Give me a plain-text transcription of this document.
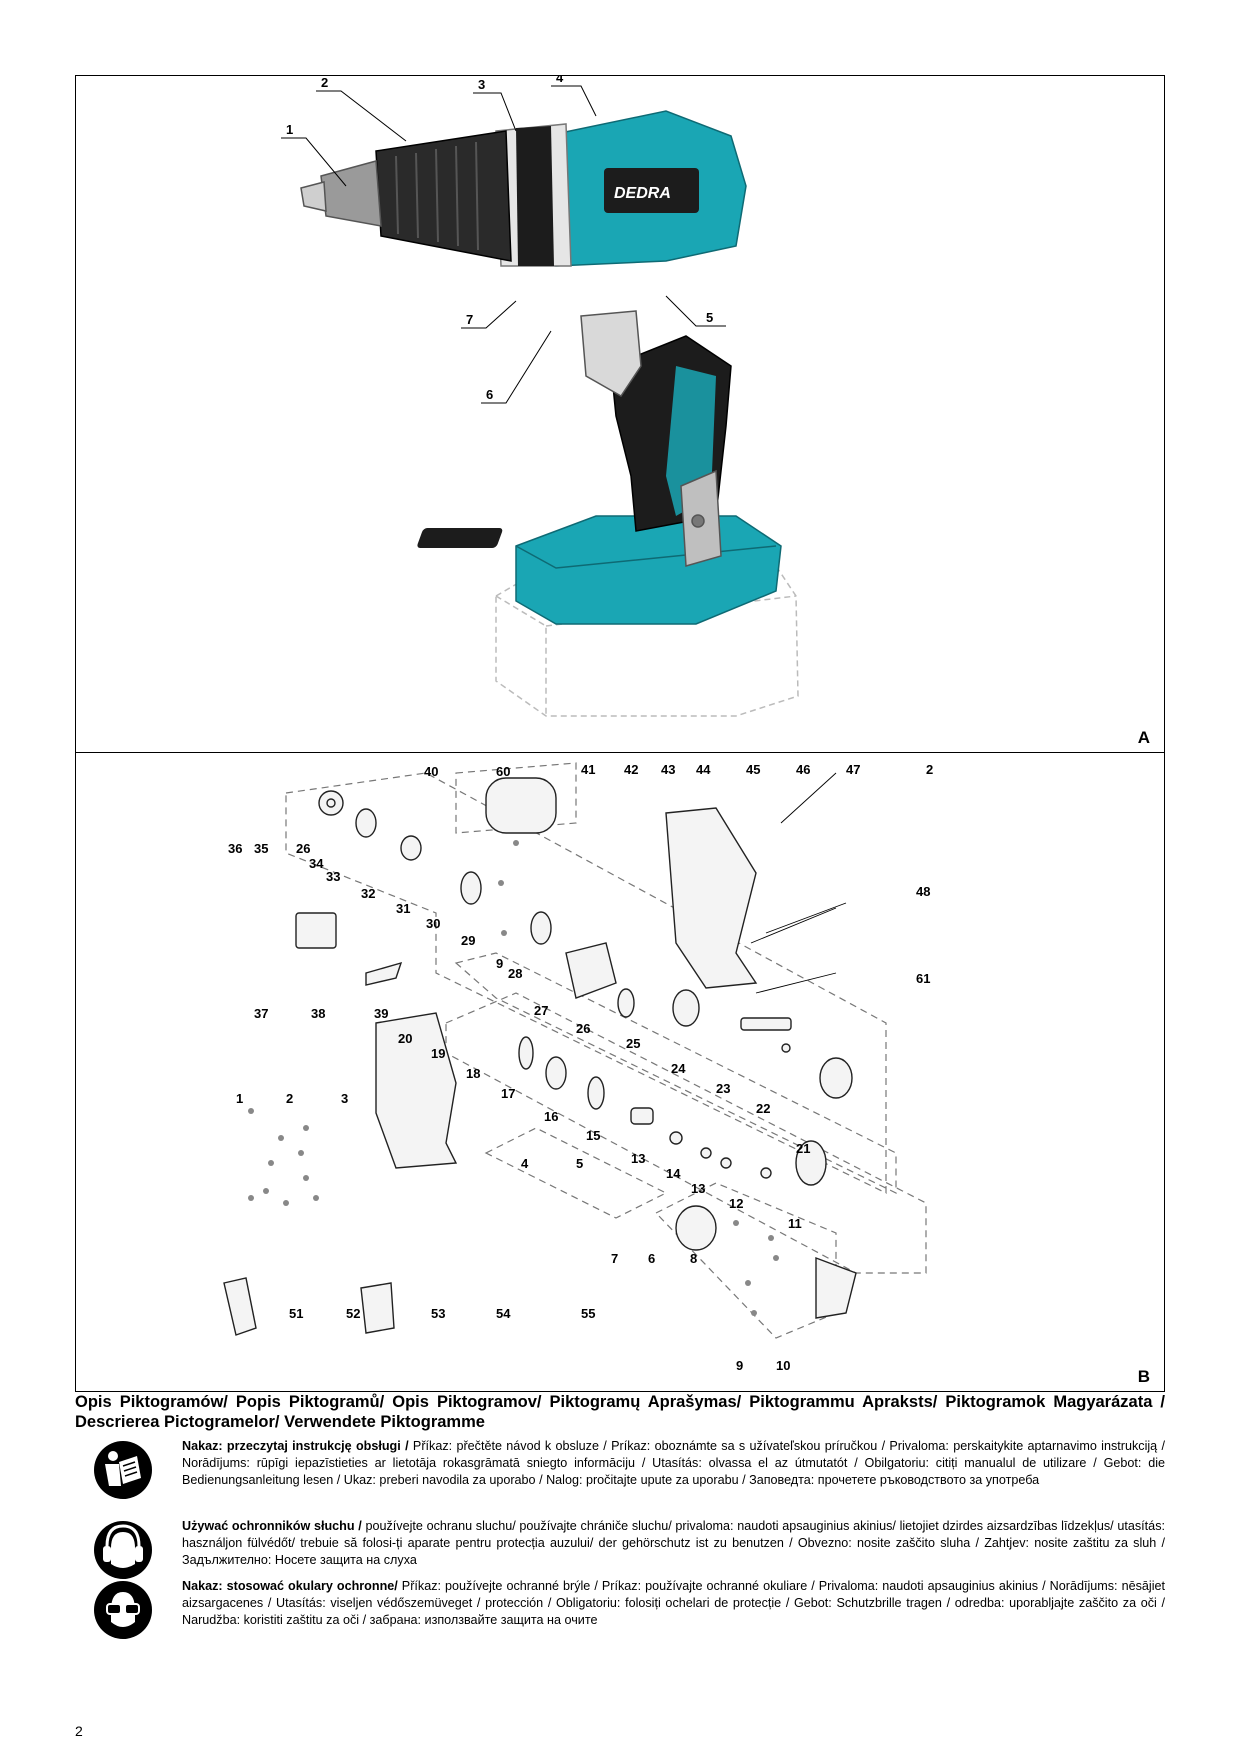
DEDRA
1
2	3	4
5
6
7
A
1	2	3
4	5
6
7	8
9
9	10
11
12
13
13
14
15
16
17
18
19
20
21
22
23
24
25
26
26
27
28
29
30
31
32
33
34
35
36
37	38	39
40	41 42 43 44	45	46	47
48
51	52	53	54	55
60
61
2
B
Opis Piktogramów/ Popis Piktogramů/ Opis Piktogramov/ Piktogramų Aprašymas/ Piktogrammu Apraksts/ Piktogramok Magyarázata / Descrierea Pictogramelor/ Verwendete Piktogramme
Nakaz: przeczytaj instrukcję obsługi / Příkaz: přečtěte návod k obsluze / Príkaz: oboznámte sa s užívateľskou príručkou / Privaloma: perskaitykite aptarnavimo instrukciją / Norādījums: rūpīgi iepazīstieties ar lietotāja rokasgrāmatā sniegto informāciju / Utasítás: olvassa el az útmutatót / Obilgatoriu: citiți manualul de utilizare / Gebot: die Bedienungsanleitung lesen / Ukaz: preberi navodila za uporabo / Nalog: pročitajte upute za uporabu / Заповедта: прочетете ръководството за употреба
Używać ochronników słuchu / používejte ochranu sluchu/ používajte chrániče sluchu/ privaloma: naudoti apsauginius akinius/ lietojiet dzirdes aizsardzības līdzekļus/ utasítás: használjon fülvédőt/ trebuie să folosi-ți aparate pentru protecția auzului/ der gehörschutz ist zu benutzen / Obvezno: nosite zaščito sluha / Zahtjev: nosite zaštitu za sluh / Задължително: Носете защита на слуха
Nakaz: stosować okulary ochronne/ Příkaz: používejte ochranné brýle / Príkaz: používajte ochranné okuliare / Privaloma: naudoti apsauginius akinius / Norādījums: nēsājiet aizsargacenes / Utasítás: viseljen védőszemüveget / protección / Obligatoriu: folosiți ochelari de protecție / Gebot: Schutzbrille tragen / odredba: uporabljajte zaščito za oči / Narudžba: koristiti zaštitu za oči / забрана: използвайте защита на очите
2
